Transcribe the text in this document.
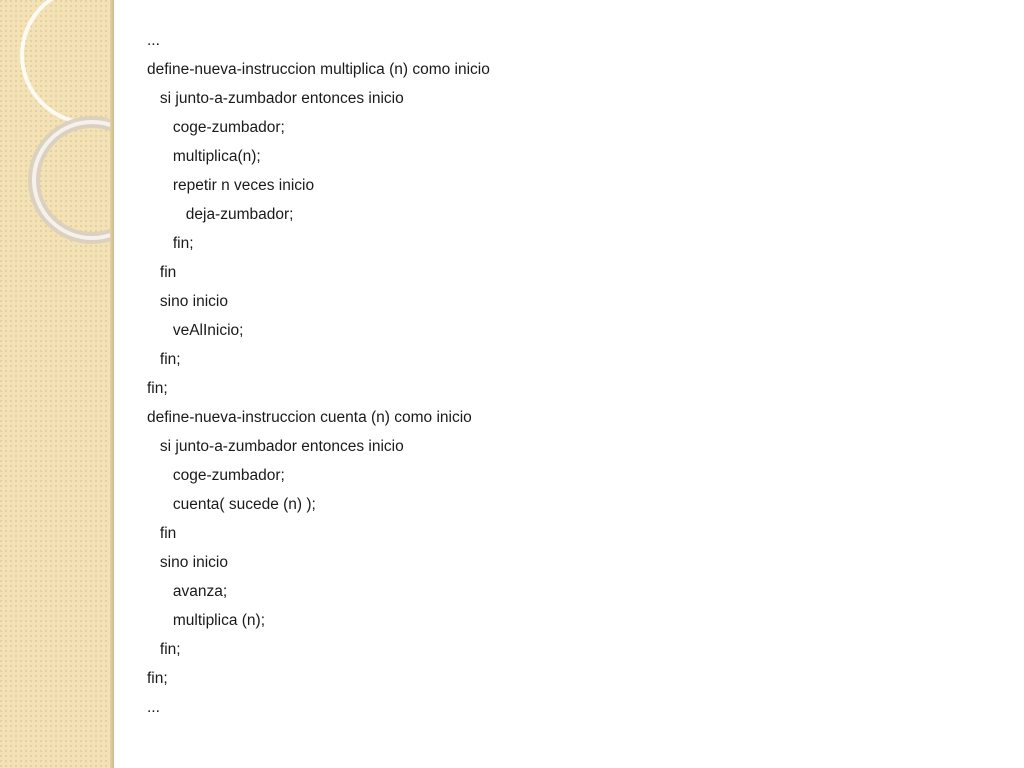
...
define-nueva-instruccion multiplica (n) como inicio
si junto-a-zumbador entonces inicio
coge-zumbador;
multiplica(n);
repetir n veces inicio
deja-zumbador;
fin;
fin
sino inicio
veAlInicio;
fin;
fin;
define-nueva-instruccion cuenta (n) como inicio
si junto-a-zumbador entonces inicio
coge-zumbador;
cuenta( sucede (n) );
fin
sino inicio
avanza;
multiplica (n);
fin;
fin;
...
